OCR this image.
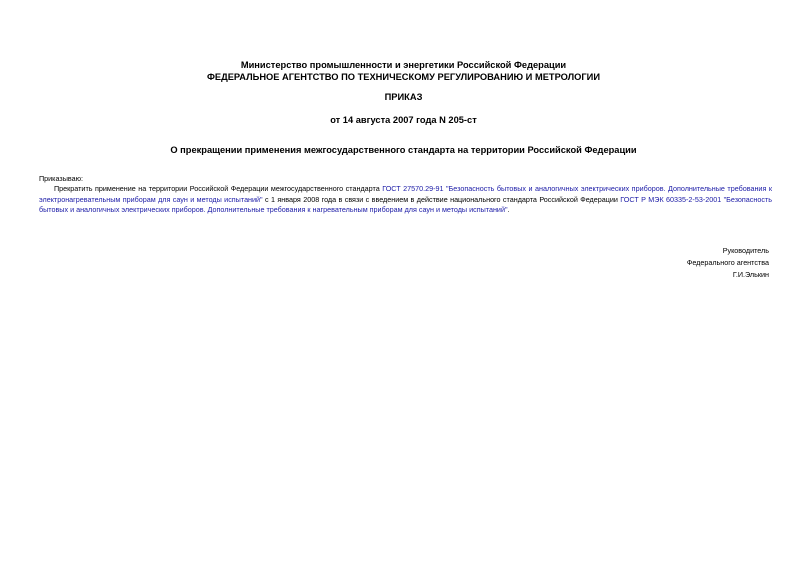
Министерство промышленности и энергетики Российской Федерации
ФЕДЕРАЛЬНОЕ АГЕНТСТВО ПО ТЕХНИЧЕСКОМУ РЕГУЛИРОВАНИЮ И МЕТРОЛОГИИ
ПРИКАЗ
от 14 августа 2007 года N 205-ст
О прекращении применения межгосударственного стандарта на территории Российской Федерации
Приказываю:
Прекратить применение на территории Российской Федерации межгосударственного стандарта ГОСТ 27570.29-91 "Безопасность бытовых и аналогичных электрических приборов. Дополнительные требования к электронагревательным приборам для саун и методы испытаний" с 1 января 2008 года в связи с введением в действие национального стандарта Российской Федерации ГОСТ Р МЭК 60335-2-53-2001 "Безопасность бытовых и аналогичных электрических приборов. Дополнительные требования к нагревательным приборам для саун и методы испытаний".
Руководитель
Федерального агентства
Г.И.Элькин
